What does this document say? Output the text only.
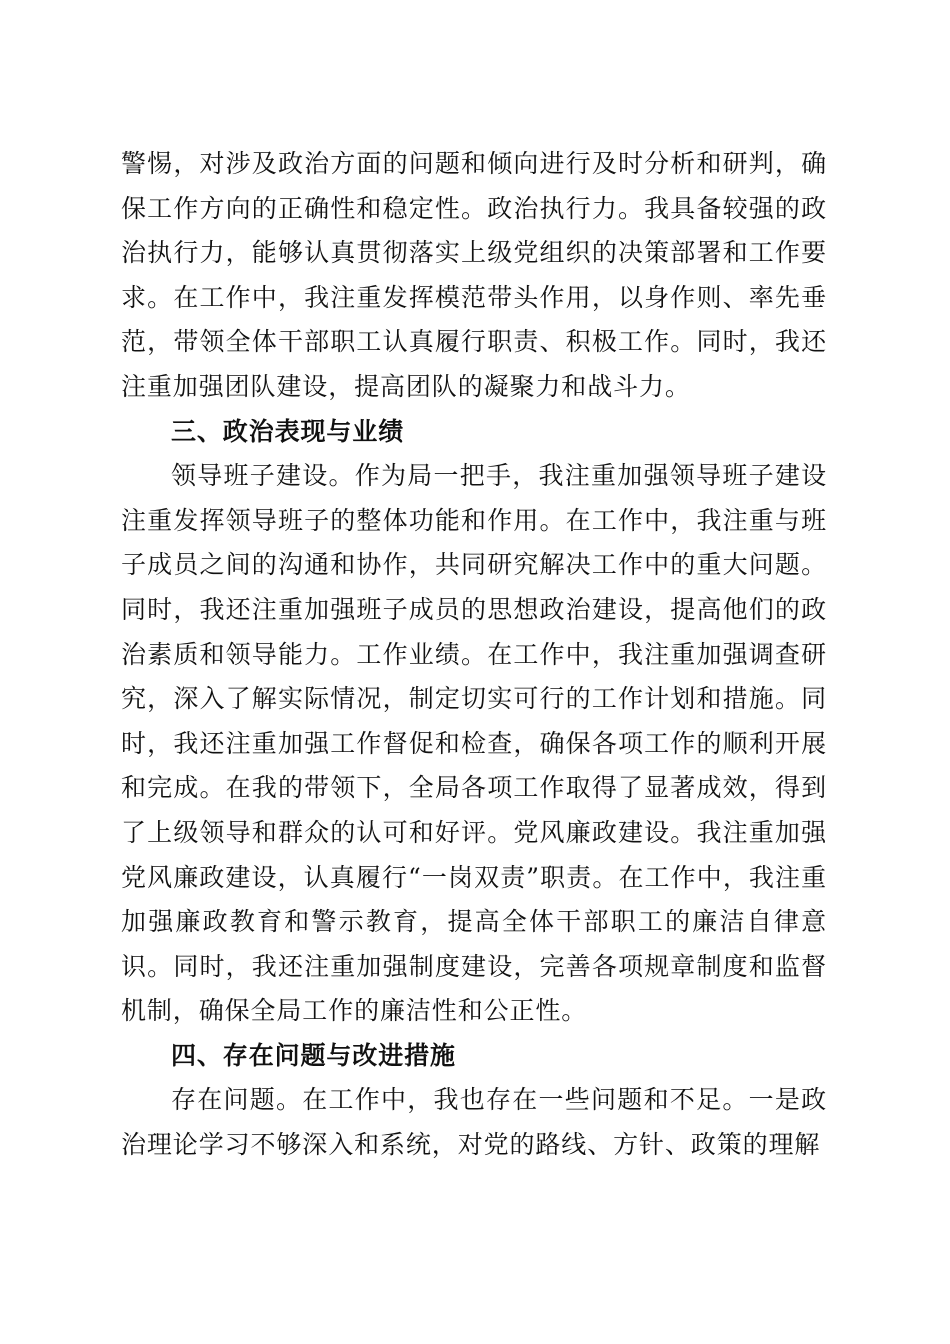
警惕，对涉及政治方面的问题和倾向进行及时分析和研判，确保工作方向的正确性和稳定性。政治执行力。我具备较强的政治执行力，能够认真贯彻落实上级党组织的决策部署和工作要求。在工作中，我注重发挥模范带头作用，以身作则、率先垂范，带领全体干部职工认真履行职责、积极工作。同时，我还注重加强团队建设，提高团队的凝聚力和战斗力。

三、政治表现与业绩

领导班子建设。作为局一把手，我注重加强领导班子建设注重发挥领导班子的整体功能和作用。在工作中，我注重与班子成员之间的沟通和协作，共同研究解决工作中的重大问题。同时，我还注重加强班子成员的思想政治建设，提高他们的政治素质和领导能力。工作业绩。在工作中，我注重加强调查研究，深入了解实际情况，制定切实可行的工作计划和措施。同时，我还注重加强工作督促和检查，确保各项工作的顺利开展和完成。在我的带领下，全局各项工作取得了显著成效，得到了上级领导和群众的认可和好评。党风廉政建设。我注重加强党风廉政建设，认真履行“一岗双责”职责。在工作中，我注重加强廉政教育和警示教育，提高全体干部职工的廉洁自律意识。同时，我还注重加强制度建设，完善各项规章制度和监督机制，确保全局工作的廉洁性和公正性。

四、存在问题与改进措施

存在问题。在工作中，我也存在一些问题和不足。一是政治理论学习不够深入和系统，对党的路线、方针、政策的理解
